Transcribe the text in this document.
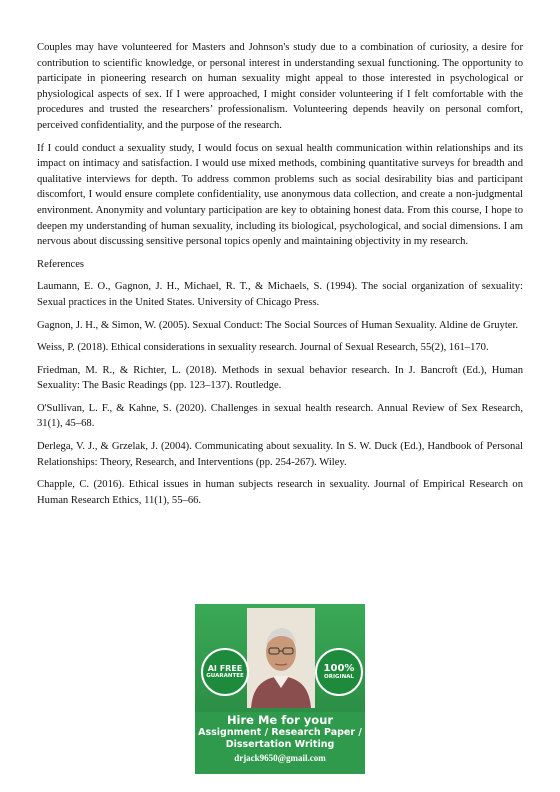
Couples may have volunteered for Masters and Johnson's study due to a combination of curiosity, a desire for contribution to scientific knowledge, or personal interest in understanding sexual functioning. The opportunity to participate in pioneering research on human sexuality might appeal to those interested in psychological or physiological aspects of sex. If I were approached, I might consider volunteering if I felt comfortable with the procedures and trusted the researchers’ professionalism. Volunteering depends heavily on personal comfort, perceived confidentiality, and the purpose of the research.

If I could conduct a sexuality study, I would focus on sexual health communication within relationships and its impact on intimacy and satisfaction. I would use mixed methods, combining quantitative surveys for breadth and qualitative interviews for depth. To address common problems such as social desirability bias and participant discomfort, I would ensure complete confidentiality, use anonymous data collection, and create a non-judgmental environment. Anonymity and voluntary participation are key to obtaining honest data. From this course, I hope to deepen my understanding of human sexuality, including its biological, psychological, and social dimensions. I am nervous about discussing sensitive personal topics openly and maintaining objectivity in my research.

References
Laumann, E. O., Gagnon, J. H., Michael, R. T., & Michaels, S. (1994). The social organization of sexuality: Sexual practices in the United States. University of Chicago Press.
Gagnon, J. H., & Simon, W. (2005). Sexual Conduct: The Social Sources of Human Sexuality. Aldine de Gruyter.
Weiss, P. (2018). Ethical considerations in sexuality research. Journal of Sexual Research, 55(2), 161–170.
Friedman, M. R., & Richter, L. (2018). Methods in sexual behavior research. In J. Bancroft (Ed.), Human Sexuality: The Basic Readings (pp. 123–137). Routledge.
O'Sullivan, L. F., & Kahne, S. (2020). Challenges in sexual health research. Annual Review of Sex Research, 31(1), 45–68.
Derlega, V. J., & Grzelak, J. (2004). Communicating about sexuality. In S. W. Duck (Ed.), Handbook of Personal Relationships: Theory, Research, and Interventions (pp. 254-267). Wiley.
Chapple, C. (2016). Ethical issues in human subjects research in sexuality. Journal of Empirical Research on Human Research Ethics, 11(1), 55–66.
AI FREE
GUARANTEE
100%
ORIGINAL
Hire Me for your
Assignment / Research Paper /
Dissertation Writing
drjack9650@gmail.com
